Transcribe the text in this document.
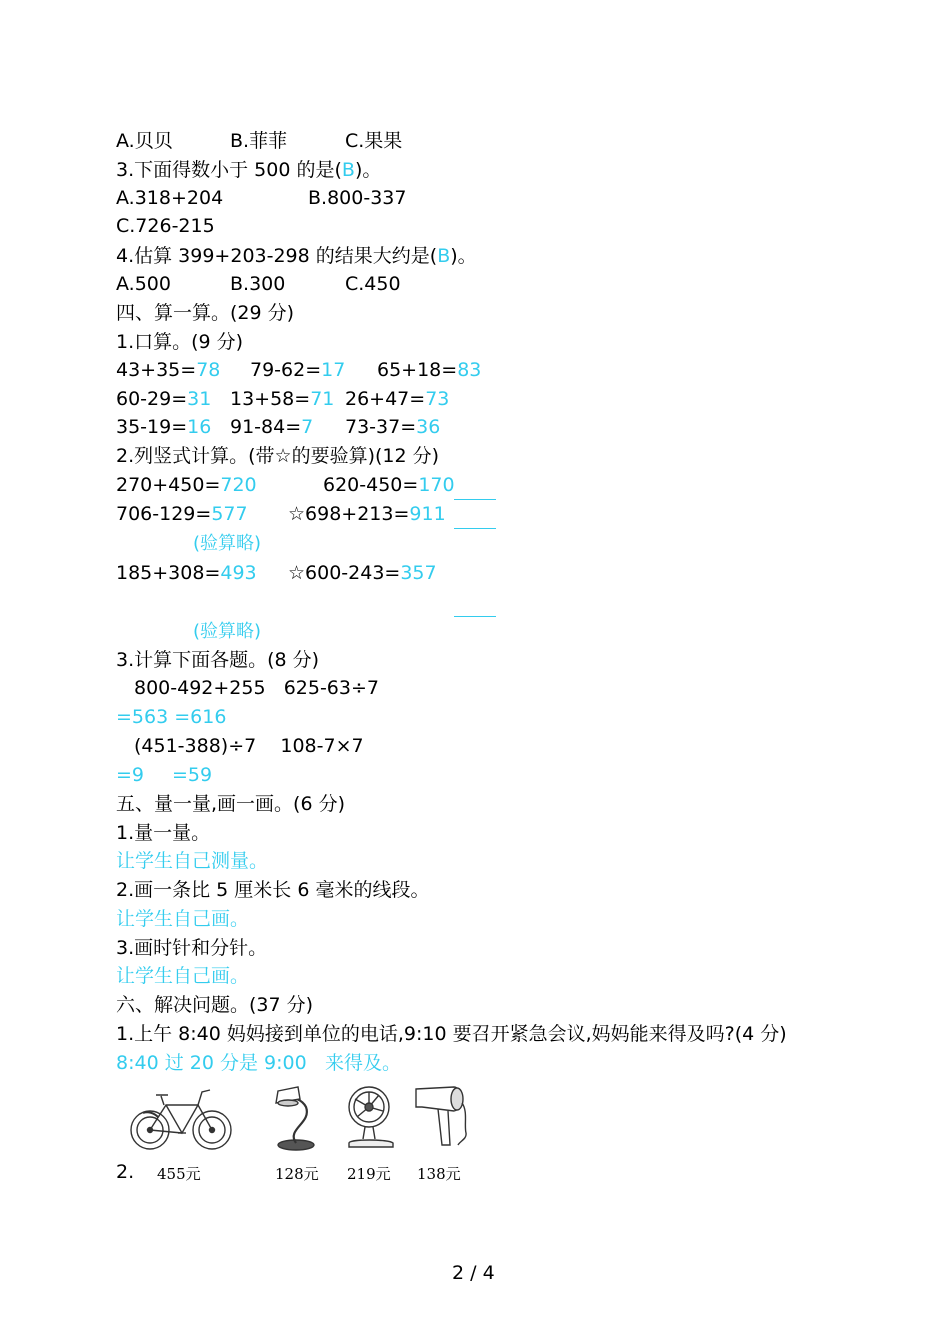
A.贝贝	B.菲菲	C.果果
3.下面得数小于 500 的是(B)。
A.318+204	B.800-337
C.726-215
4.估算 399+203-298 的结果大约是(B)。
A.500	B.300	C.450
四、算一算。(29 分)
1.口算。(9 分)
43+35=78 79-62=17 65+18=83
60-29=31 13+58=71 26+47=73
35-19=16 91-84=7 73-37=36
2.列竖式计算。(带☆的要验算)(12 分)
270+450=720	620-450=170
706-129=577 ☆698+213=911
(验算略)
185+308=493 ☆600-243=357
(验算略)
3.计算下面各题。(8 分)
800-492+255   625-63÷7
=563 =616
(451-388)÷7    108-7×7
=9 =59
五、量一量,画一画。(6 分)
1.量一量。
让学生自己测量。
2.画一条比 5 厘米长 6 毫米的线段。
让学生自己画。
3.画时针和分针。
让学生自己画。
六、解决问题。(37 分)
1.上午 8:40 妈妈接到单位的电话,9:10 要召开紧急会议,妈妈能来得及吗?(4 分)
8:40 过 20 分是 9:00 来得及。
2. 455元	128元 219元 138元
2 / 4
